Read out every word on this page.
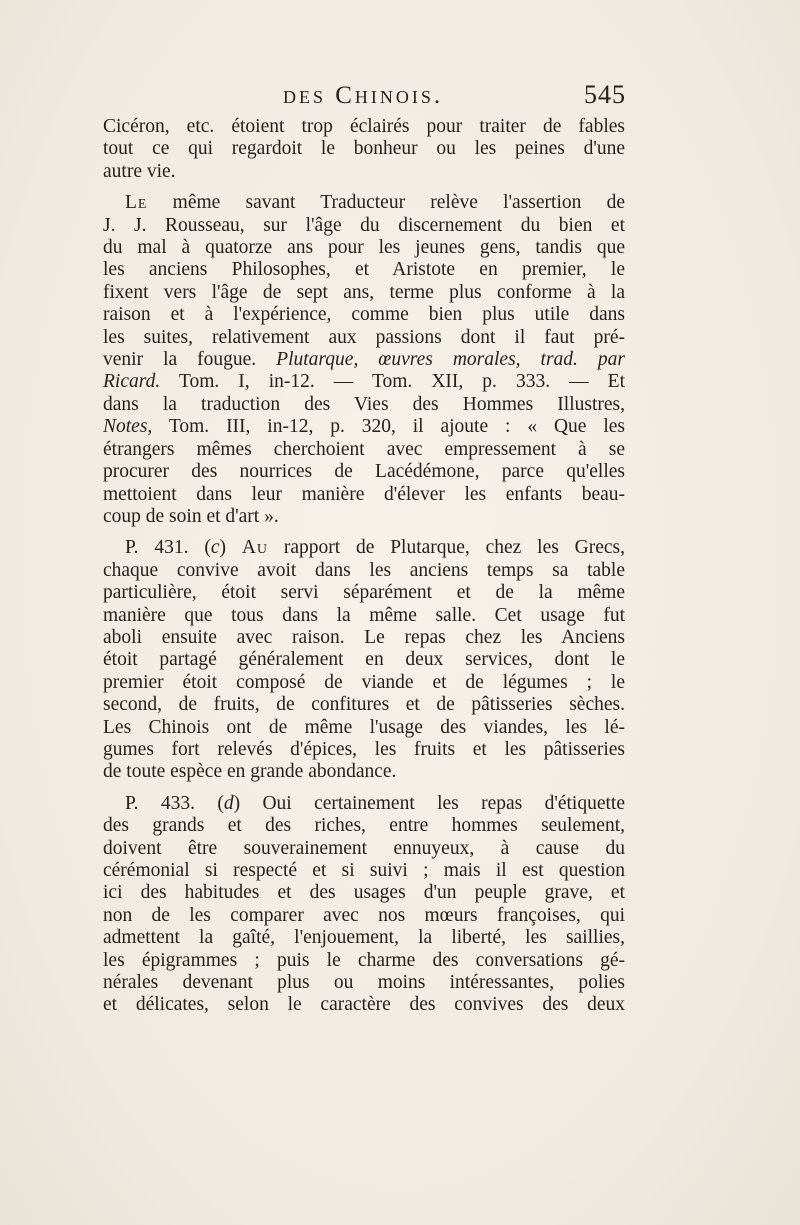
des Chinois.	545
Cicéron, etc. étoient trop éclairés pour traiter de fables
tout ce qui regardoit le bonheur ou les peines d'une
autre vie.
Le même savant Traducteur relève l'assertion de
J. J. Rousseau, sur l'âge du discernement du bien et
du mal à quatorze ans pour les jeunes gens, tandis que
les anciens Philosophes, et Aristote en premier, le
fixent vers l'âge de sept ans, terme plus conforme à la
raison et à l'expérience, comme bien plus utile dans
les suites, relativement aux passions dont il faut pré-
venir la fougue. Plutarque, œuvres morales, trad. par
Ricard. Tom. I, in-12. — Tom. XII, p. 333. — Et
dans la traduction des Vies des Hommes Illustres,
Notes, Tom. III, in-12, p. 320, il ajoute : « Que les
étrangers mêmes cherchoient avec empressement à se
procurer des nourrices de Lacédémone, parce qu'elles
mettoient dans leur manière d'élever les enfants beau-
coup de soin et d'art ».
P. 431. (c) Au rapport de Plutarque, chez les Grecs,
chaque convive avoit dans les anciens temps sa table
particulière, étoit servi séparément et de la même
manière que tous dans la même salle. Cet usage fut
aboli ensuite avec raison. Le repas chez les Anciens
étoit partagé généralement en deux services, dont le
premier étoit composé de viande et de légumes ; le
second, de fruits, de confitures et de pâtisseries sèches.
Les Chinois ont de même l'usage des viandes, les lé-
gumes fort relevés d'épices, les fruits et les pâtisseries
de toute espèce en grande abondance.
P. 433. (d) Oui certainement les repas d'étiquette
des grands et des riches, entre hommes seulement,
doivent être souverainement ennuyeux, à cause du
cérémonial si respecté et si suivi ; mais il est question
ici des habitudes et des usages d'un peuple grave, et
non de les comparer avec nos mœurs françoises, qui
admettent la gaîté, l'enjouement, la liberté, les saillies,
les épigrammes ; puis le charme des conversations gé-
nérales devenant plus ou moins intéressantes, polies
et délicates, selon le caractère des convives des deux
